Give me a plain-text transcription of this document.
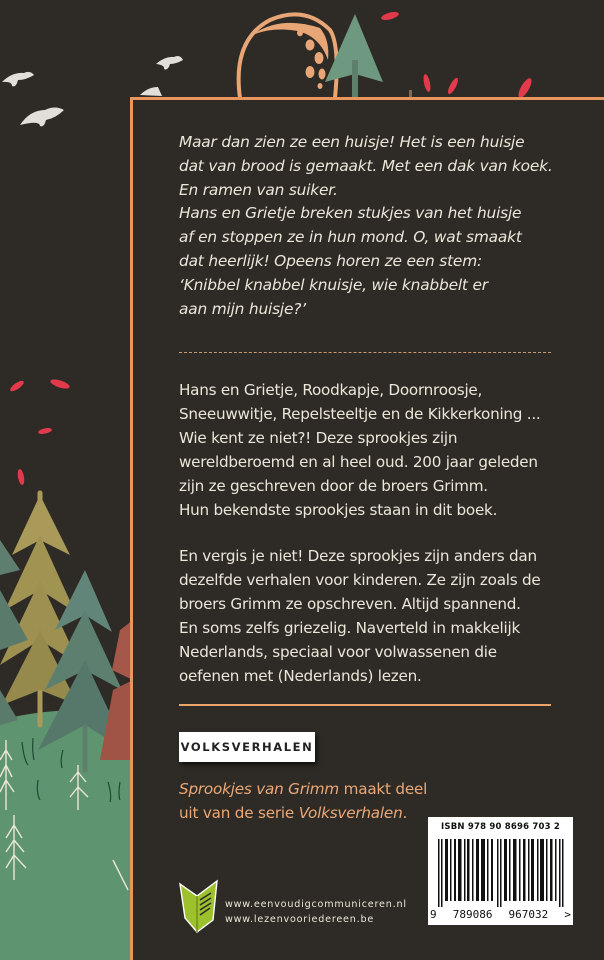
Maar dan zien ze een huisje! Het is een huisje
dat van brood is gemaakt. Met een dak van koek.
En ramen van suiker.
Hans en Grietje breken stukjes van het huisje
af en stoppen ze in hun mond. O, wat smaakt
dat heerlijk! Opeens horen ze een stem:
‘Knibbel knabbel knuisje, wie knabbelt er
aan mijn huisje?’
Hans en Grietje, Roodkapje, Doornroosje,
Sneeuwwitje, Repelsteeltje en de Kikkerkoning ...
Wie kent ze niet?! Deze sprookjes zijn
wereldberoemd en al heel oud. 200 jaar geleden
zijn ze geschreven door de broers Grimm.
Hun bekendste sprookjes staan in dit boek.
En vergis je niet! Deze sprookjes zijn anders dan
dezelfde verhalen voor kinderen. Ze zijn zoals de
broers Grimm ze opschreven. Altijd spannend.
En soms zelfs griezelig. Naverteld in makkelijk
Nederlands, speciaal voor volwassenen die
oefenen met (Nederlands) lezen.
VOLKSVERHALEN
Sprookjes van Grimm maakt deel
uit van de serie Volksverhalen.
ISBN 978 90 8696 703 2
9 789086 967032 >
www.eenvoudigcommuniceren.nl
www.lezenvooriedereen.be
